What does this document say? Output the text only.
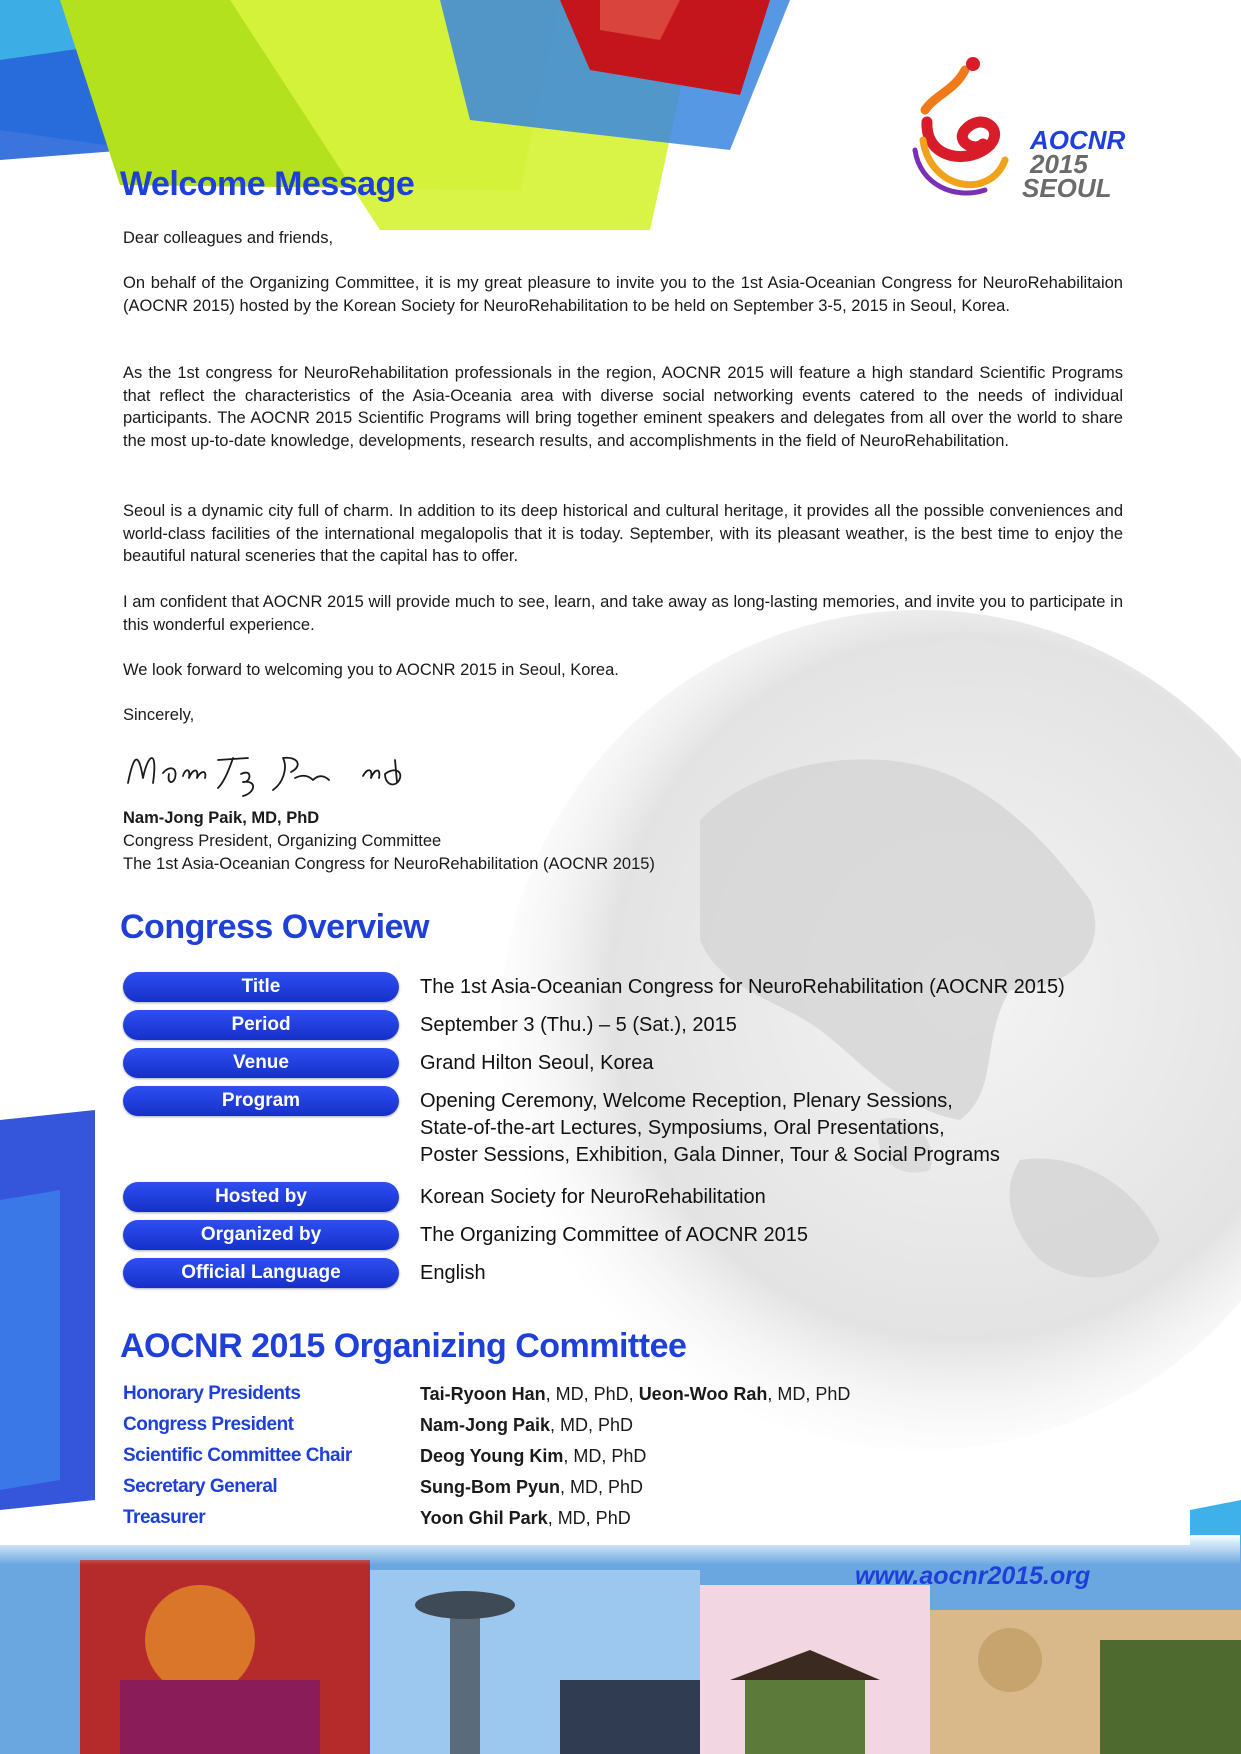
AOCNR
2015
SEOUL
Welcome Message
Dear colleagues and friends,
On behalf of the Organizing Committee, it is my great pleasure to invite you to the 1st Asia-Oceanian Congress for NeuroRehabilitaion (AOCNR 2015) hosted by the Korean Society for NeuroRehabilitation to be held on September 3-5, 2015 in Seoul, Korea.
As the 1st congress for NeuroRehabilitation professionals in the region, AOCNR 2015 will feature a high standard Scientific Programs that reflect the characteristics of the Asia-Oceania area with diverse social networking events catered to the needs of individual participants. The AOCNR 2015 Scientific Programs will bring together eminent speakers and delegates from all over the world to share the most up-to-date knowledge, developments, research results, and accomplishments in the field of NeuroRehabilitation.
Seoul is a dynamic city full of charm. In addition to its deep historical and cultural heritage, it provides all the possible conveniences and world-class facilities of the international megalopolis that it is today. September, with its pleasant weather, is the best time to enjoy the beautiful natural sceneries that the capital has to offer.
I am confident that AOCNR 2015 will provide much to see, learn, and take away as long-lasting memories, and invite you to participate in this wonderful experience.
We look forward to welcoming you to AOCNR 2015 in Seoul, Korea.
Sincerely,
Nam-Jong Paik, MD, PhD
Congress President, Organizing Committee
The 1st Asia-Oceanian Congress for NeuroRehabilitation (AOCNR 2015)
Congress Overview
Title	The 1st Asia-Oceanian Congress for NeuroRehabilitation (AOCNR 2015)
Period	September 3 (Thu.) – 5 (Sat.), 2015
Venue	Grand Hilton Seoul, Korea
Program	Opening Ceremony, Welcome Reception, Plenary Sessions,
State-of-the-art Lectures, Symposiums, Oral Presentations,
Poster Sessions, Exhibition, Gala Dinner, Tour & Social Programs
Hosted by	Korean Society for NeuroRehabilitation
Organized by	The Organizing Committee of AOCNR 2015
Official Language	English
AOCNR 2015 Organizing Committee
Honorary Presidents	Tai-Ryoon Han, MD, PhD, Ueon-Woo Rah, MD, PhD
Congress President	Nam-Jong Paik, MD, PhD
Scientific Committee Chair	Deog Young Kim, MD, PhD
Secretary General	Sung-Bom Pyun, MD, PhD
Treasurer	Yoon Ghil Park, MD, PhD
www.aocnr2015.org
